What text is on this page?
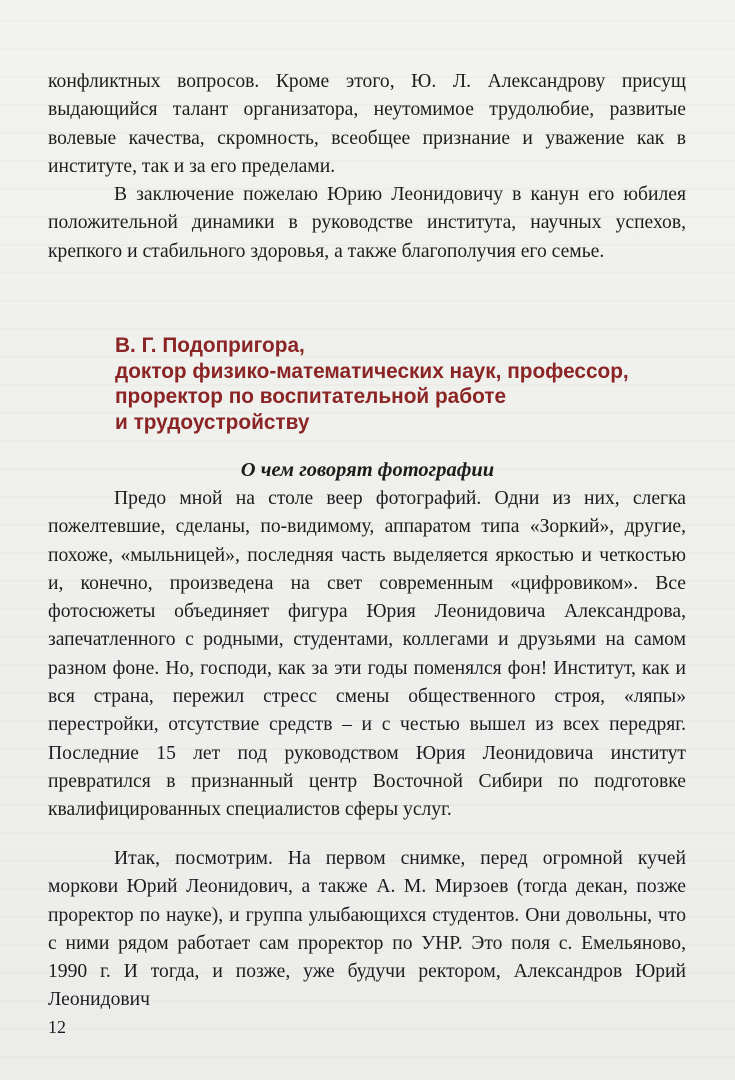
конфликтных вопросов. Кроме этого, Ю. Л. Александрову присущ выдающийся талант организатора, неутомимое трудолюбие, развитые волевые качества, скромность, всеобщее признание и уважение как в институте, так и за его пределами.

В заключение пожелаю Юрию Леонидовичу в канун его юбилея положительной динамики в руководстве института, научных успехов, крепкого и стабильного здоровья, а также благополучия его семье.

В. Г. Подопригора,
доктор физико-математических наук, профессор,
проректор по воспитательной работе
и трудоустройству
О чем говорят фотографии

Предо мной на столе веер фотографий. Одни из них, слегка пожелтевшие, сделаны, по-видимому, аппаратом типа «Зоркий», другие, похоже, «мыльницей», последняя часть выделяется яркостью и четкостью и, конечно, произведена на свет современным «цифровиком». Все фотосюжеты объединяет фигура Юрия Леонидовича Александрова, запечатленного с родными, студентами, коллегами и друзьями на самом разном фоне. Но, господи, как за эти годы поменялся фон! Институт, как и вся страна, пережил стресс смены общественного строя, «ляпы» перестройки, отсутствие средств – и с честью вышел из всех передряг. Последние 15 лет под руководством Юрия Леонидовича институт превратился в признанный центр Восточной Сибири по подготовке квалифицированных специалистов сферы услуг.

Итак, посмотрим. На первом снимке, перед огромной кучей моркови Юрий Леонидович, а также А. М. Мирзоев (тогда декан, позже проректор по науке), и группа улыбающихся студентов. Они довольны, что с ними рядом работает сам проректор по УНР. Это поля с. Емельяново, 1990 г. И тогда, и позже, уже будучи ректором, Александров Юрий Леонидович

12
